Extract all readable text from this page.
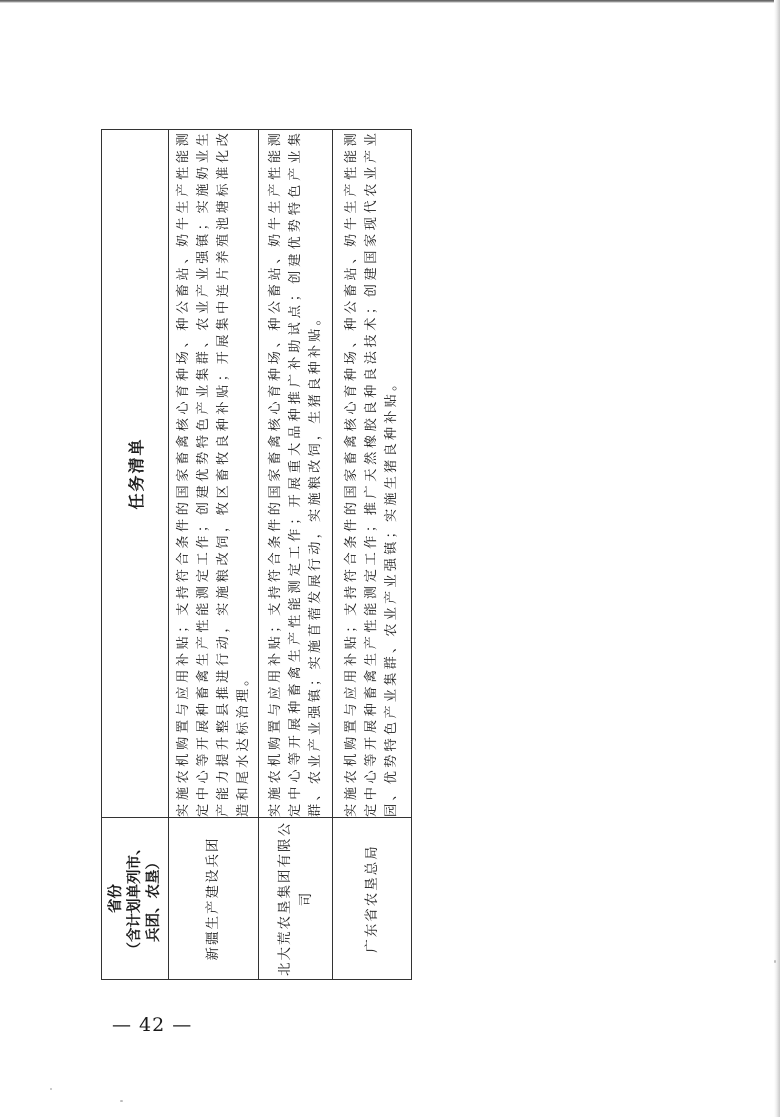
省份 （含计划单列市、 兵团、农垦）	任务清单
新疆生产建设兵团	实施农机购置与应用补贴；支持符合条件的国家畜禽核心育种场、种公畜站、奶牛生产性能测定中心等开展种畜禽生产性能测定工作；创建优势特色产业集群、农业产业强镇；实施奶业生产能力提升整县推进行动，实施粮改饲，牧区畜牧良种补贴；开展集中连片养殖池塘标准化改造和尾水达标治理。
北大荒农垦集团有限公司	实施农机购置与应用补贴；支持符合条件的国家畜禽核心育种场、种公畜站、奶牛生产性能测定中心等开展种畜禽生产性能测定工作；开展重大品种推广补助试点；创建优势特色产业集群、农业产业强镇；实施苜蓿发展行动，实施粮改饲，生猪良种补贴。
广东省农垦总局	实施农机购置与应用补贴；支持符合条件的国家畜禽核心育种场、种公畜站、奶牛生产性能测定中心等开展种畜禽生产性能测定工作；推广天然橡胶良种良法技术；创建国家现代农业产业园、优势特色产业集群、农业产业强镇；实施生猪良种补贴。
— 42 —
